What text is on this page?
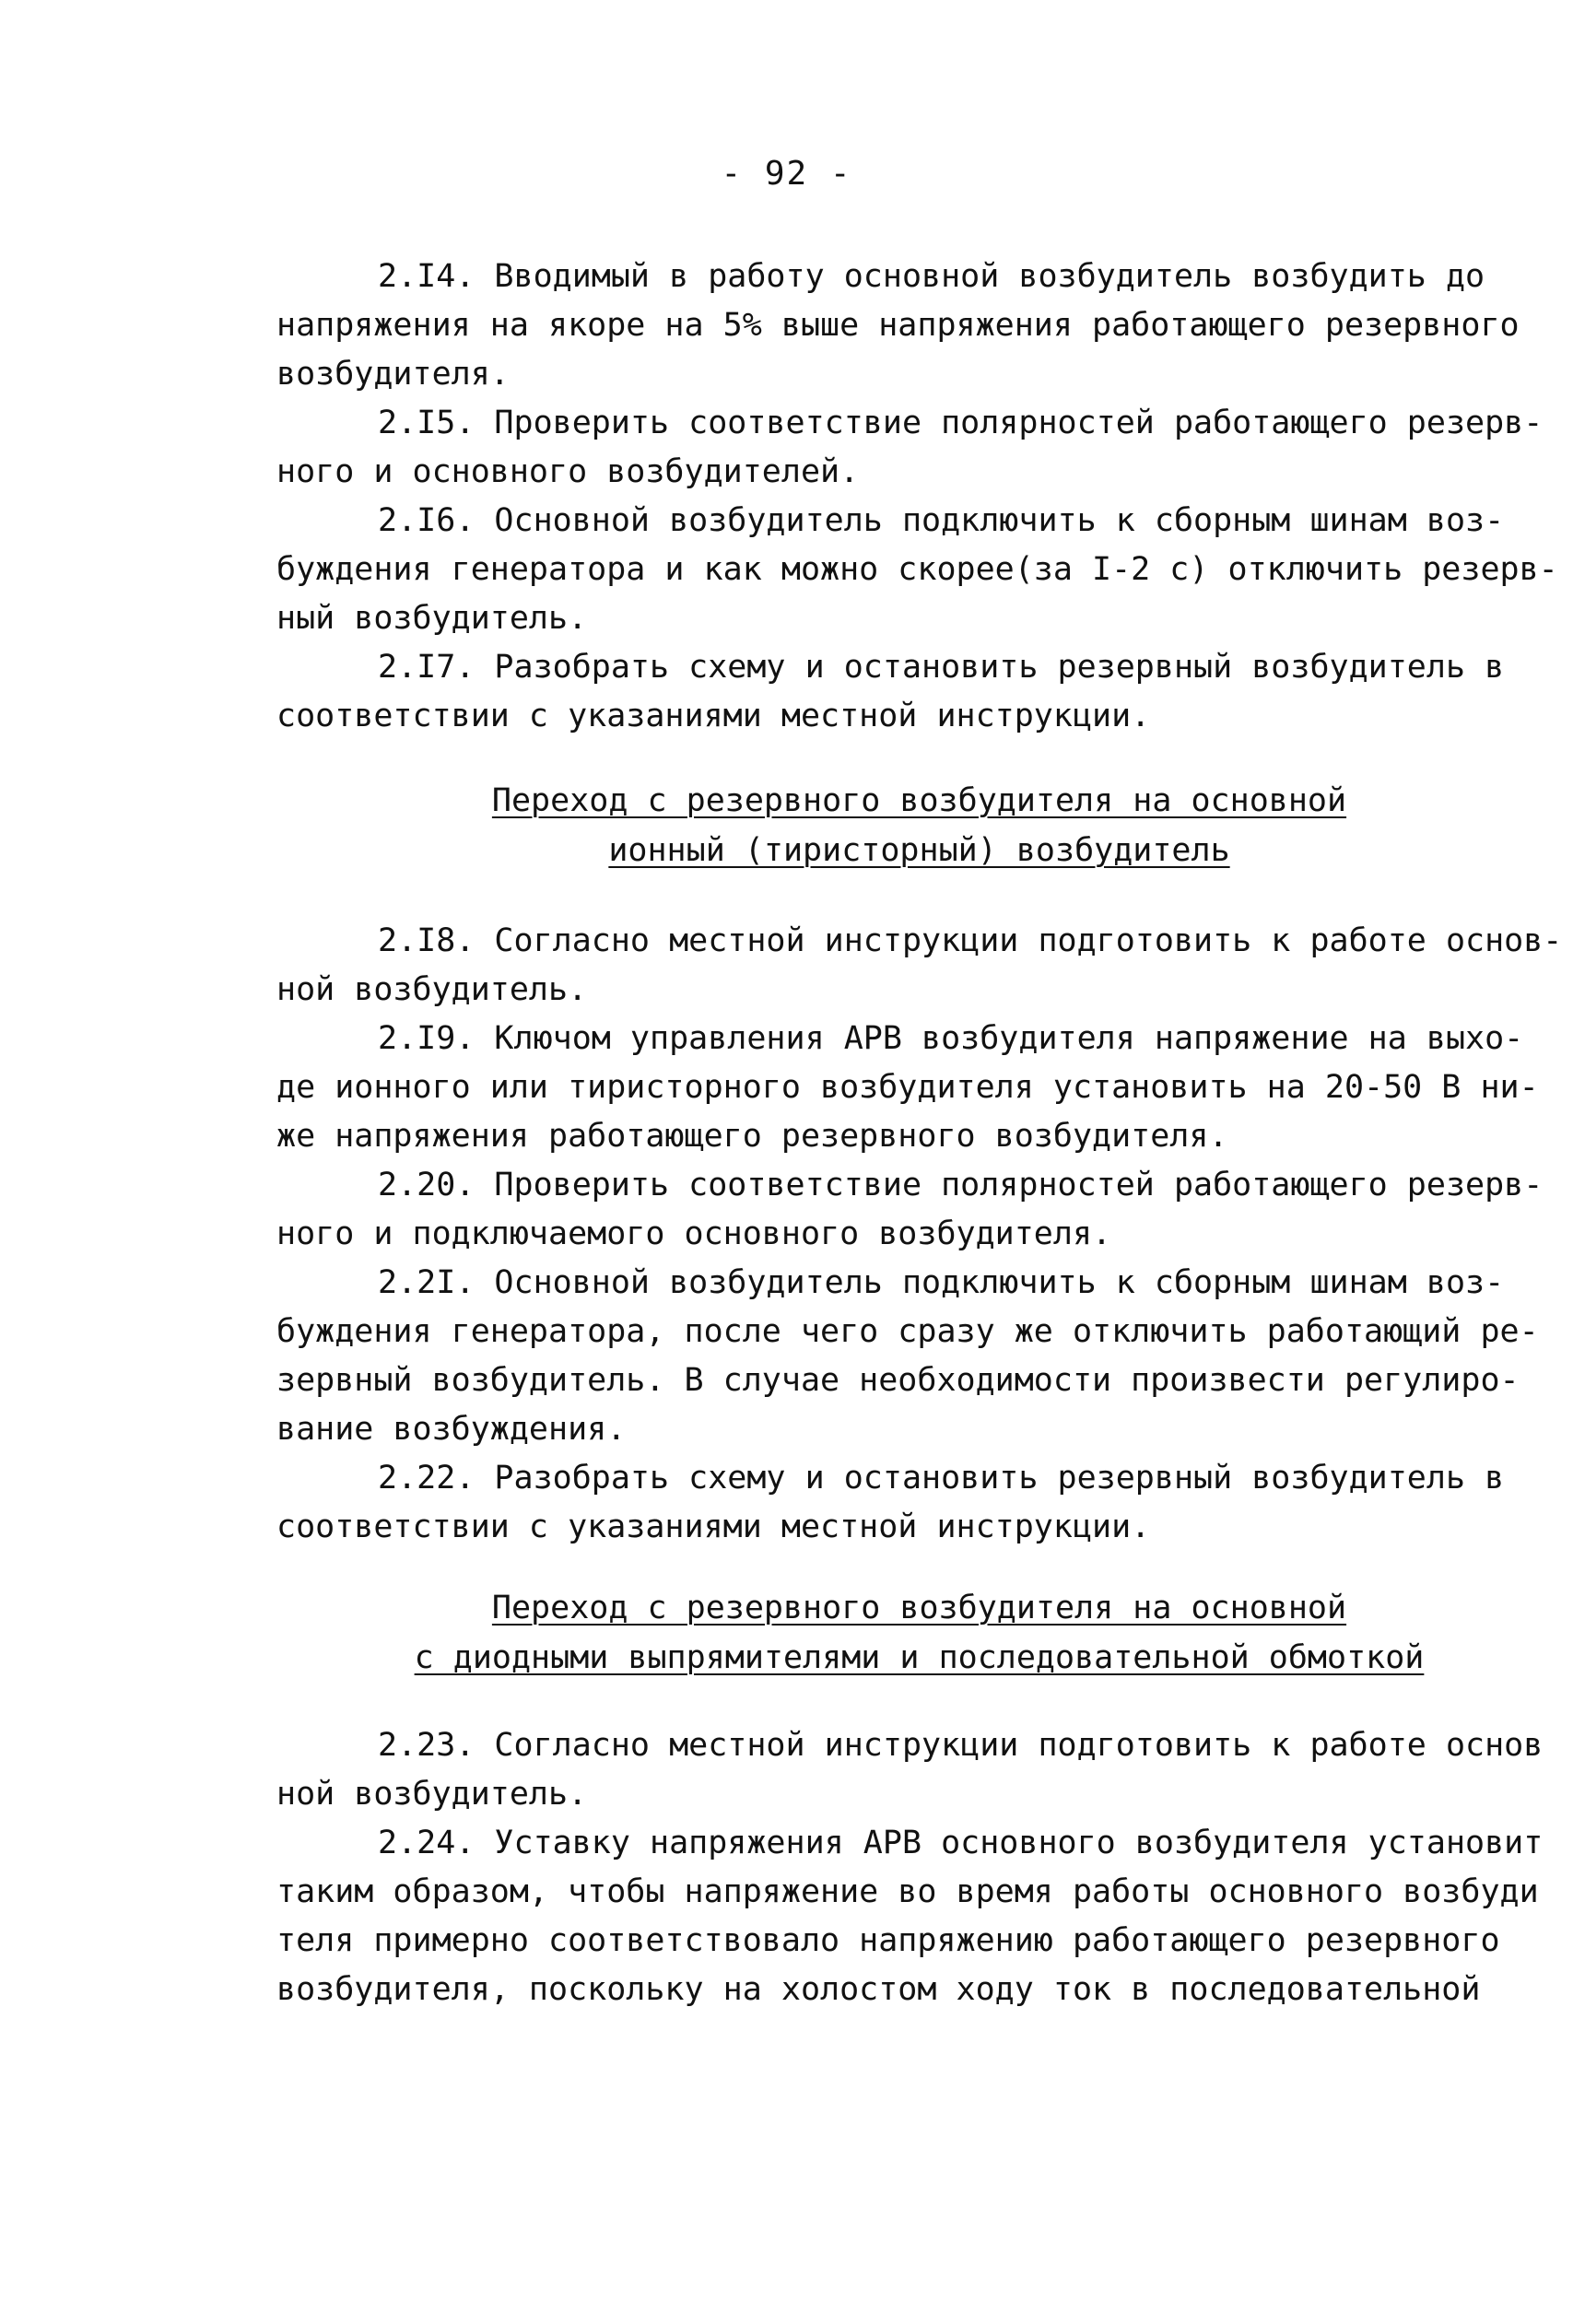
- 92 -
2.I4. Вводимый в работу основной возбудитель возбудить до
напряжения на якоре на 5% выше напряжения работающего резервного
возбудителя.
2.I5. Проверить соответствие полярностей работающего резерв-
ного и основного возбудителей.
2.I6. Основной возбудитель подключить к сборным шинам воз-
буждения генератора и как можно скорее(за I-2 с) отключить резерв-
ный возбудитель.
2.I7. Разобрать схему и остановить резервный возбудитель в
соответствии с указаниями местной инструкции.
Переход с резервного возбудителя на основной
ионный (тиристорный) возбудитель
2.I8. Согласно местной инструкции подготовить к работе основ-
ной возбудитель.
2.I9. Ключом управления АРВ возбудителя напряжение на выхо-
де ионного или тиристорного возбудителя установить на 20-50 В ни-
же напряжения работающего резервного возбудителя.
2.20. Проверить соответствие полярностей работающего резерв-
ного и подключаемого основного возбудителя.
2.2I. Основной возбудитель подключить к сборным шинам воз-
буждения генератора, после чего сразу же отключить работающий ре-
зервный возбудитель. В случае необходимости произвести регулиро-
вание возбуждения.
2.22. Разобрать схему и остановить резервный возбудитель в
соответствии с указаниями местной инструкции.
Переход с резервного возбудителя на основной
с диодными выпрямителями и последовательной обмоткой
2.23. Согласно местной инструкции подготовить к работе основ
ной возбудитель.
2.24. Уставку напряжения АРВ основного возбудителя установит
таким образом, чтобы напряжение во время работы основного возбуди
теля примерно соответствовало напряжению работающего резервного
возбудителя, поскольку на холостом ходу ток в последовательной
